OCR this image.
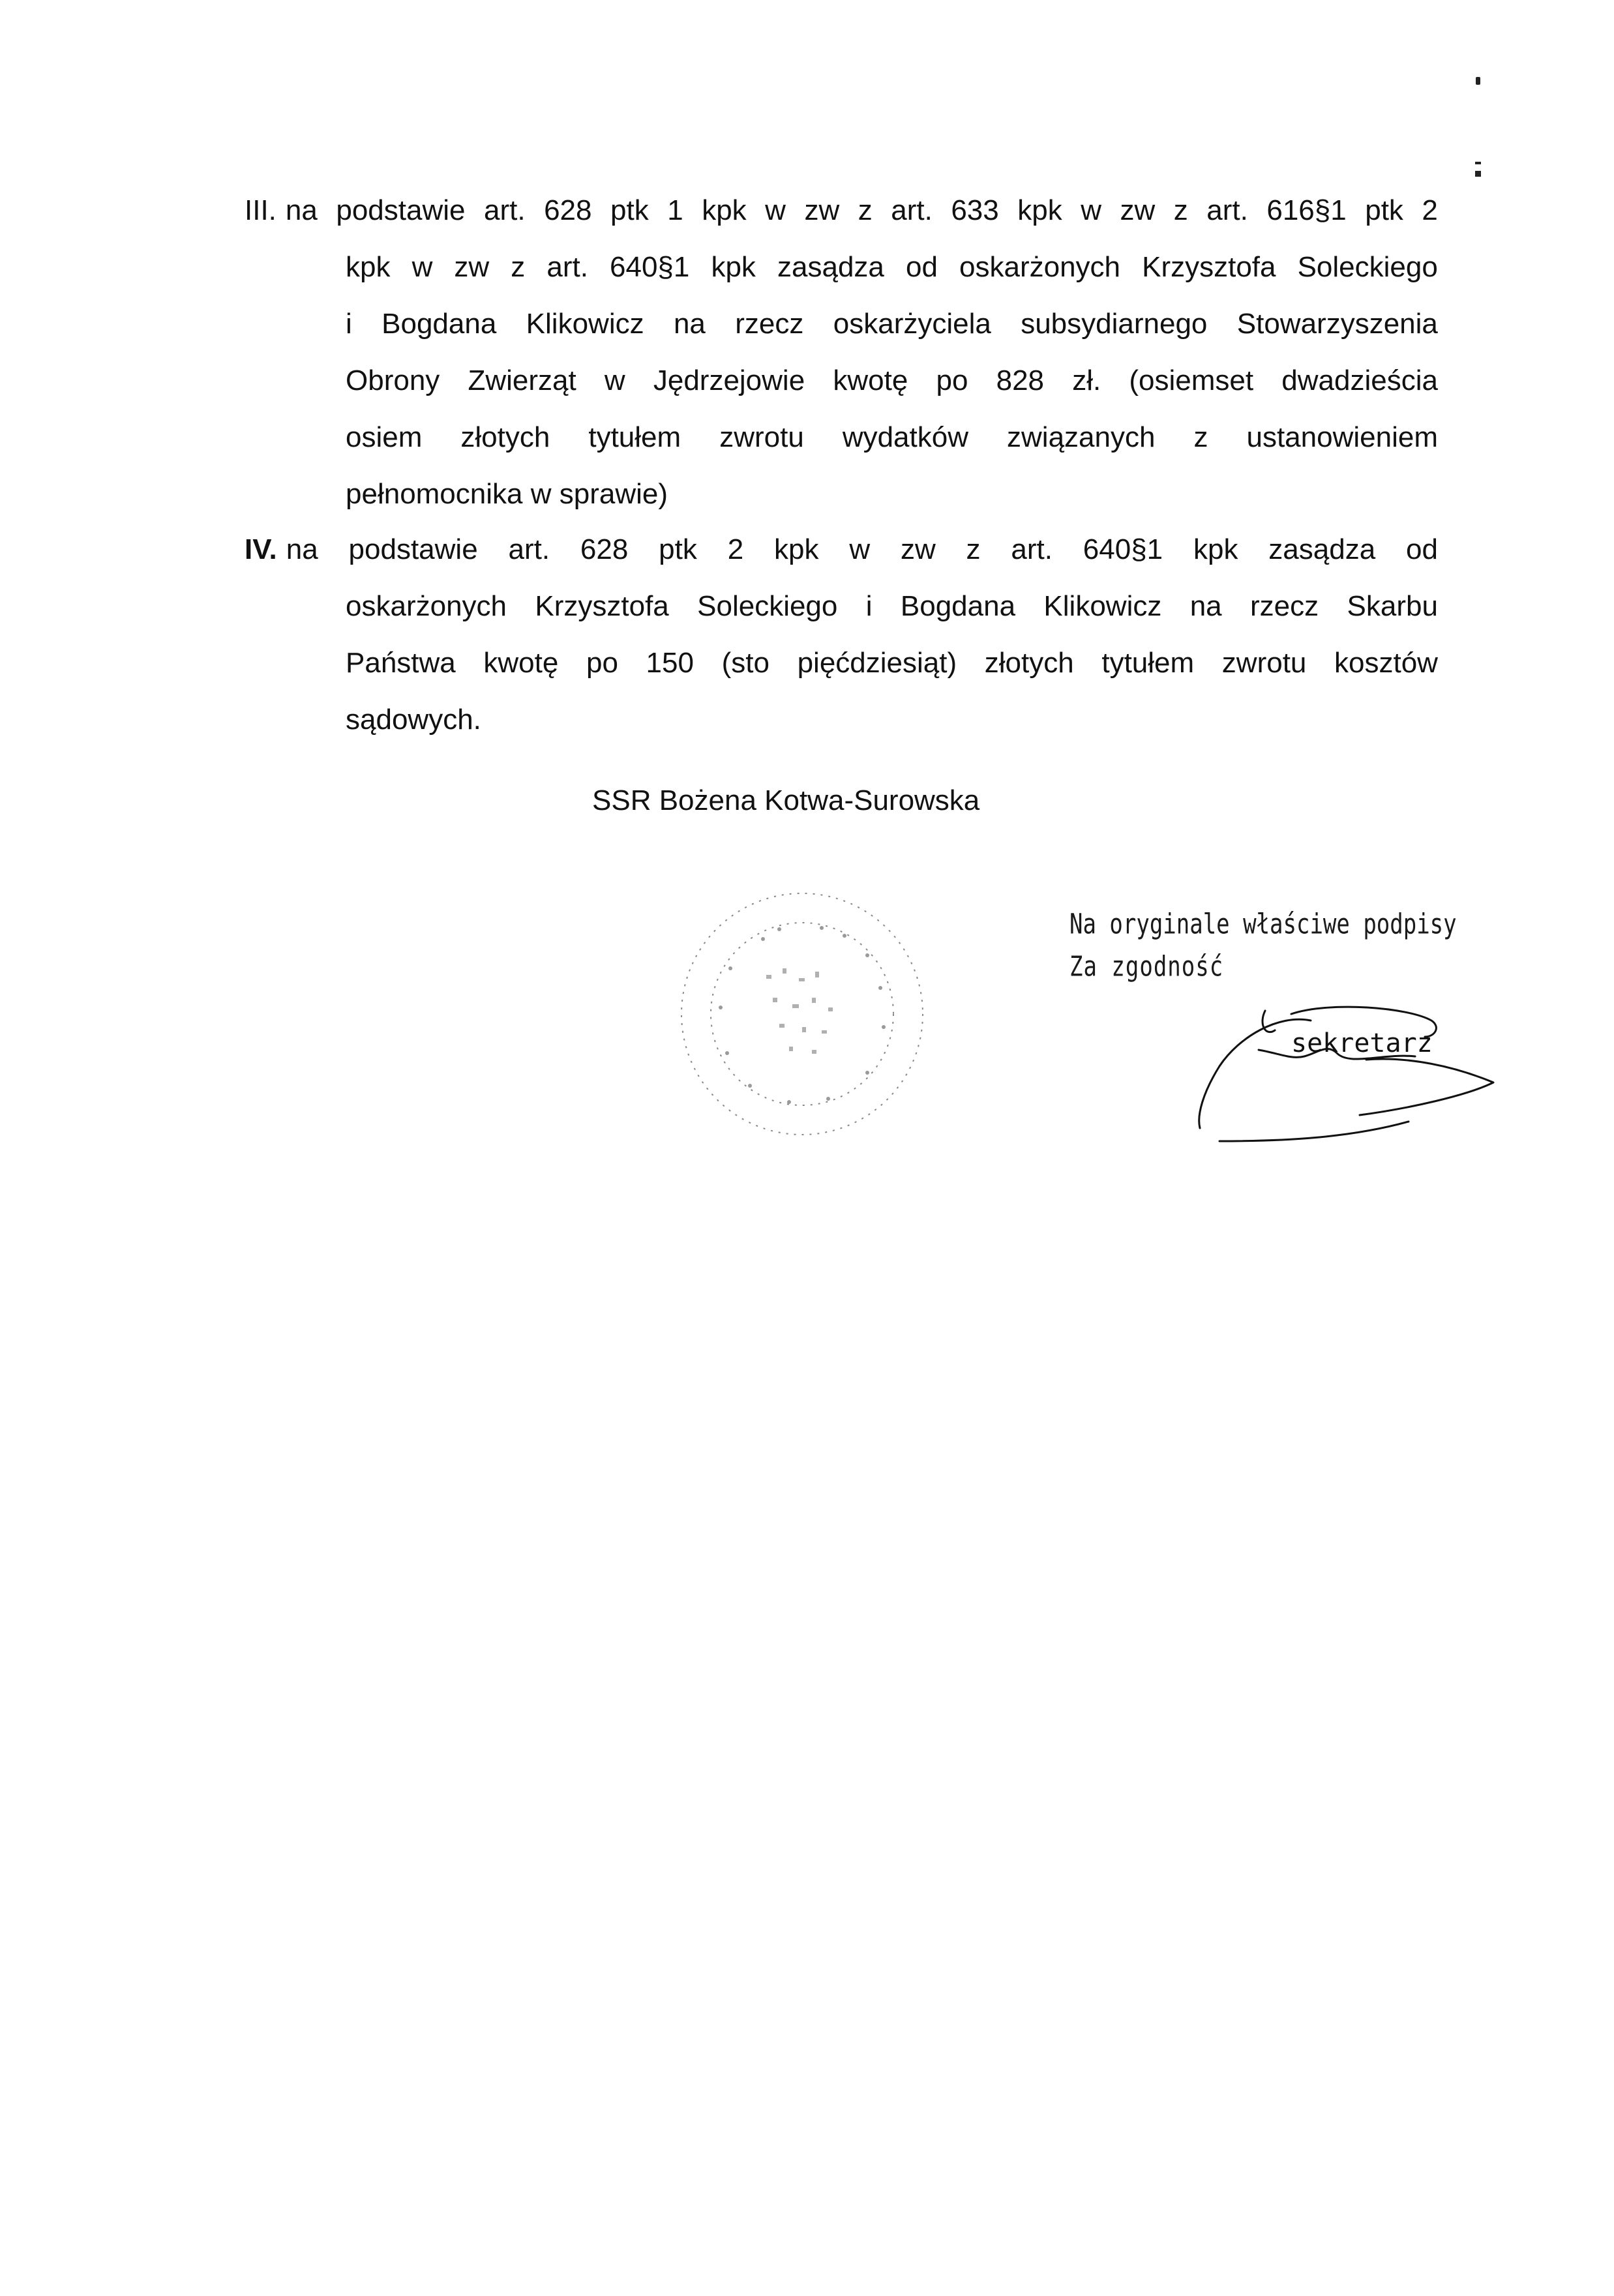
III. na podstawie art. 628 ptk 1 kpk w zw z art. 633 kpk w zw z art. 616§1 ptk 2
kpk w zw z art. 640§1 kpk zasądza od oskarżonych Krzysztofa Soleckiego
i Bogdana Klikowicz na rzecz oskarżyciela subsydiarnego Stowarzyszenia
Obrony Zwierząt w Jędrzejowie kwotę po 828 zł. (osiemset dwadzieścia
osiem złotych tytułem zwrotu wydatków związanych z ustanowieniem
pełnomocnika w sprawie)
IV. na podstawie art. 628 ptk 2 kpk w zw z art. 640§1 kpk zasądza od
oskarżonych Krzysztofa Soleckiego i Bogdana Klikowicz na rzecz Skarbu
Państwa kwotę po 150 (sto pięćdziesiąt) złotych tytułem zwrotu kosztów
sądowych.
SSR Bożena Kotwa-Surowska
Na oryginale właściwe podpisy
Za zgodność
sekretarz
